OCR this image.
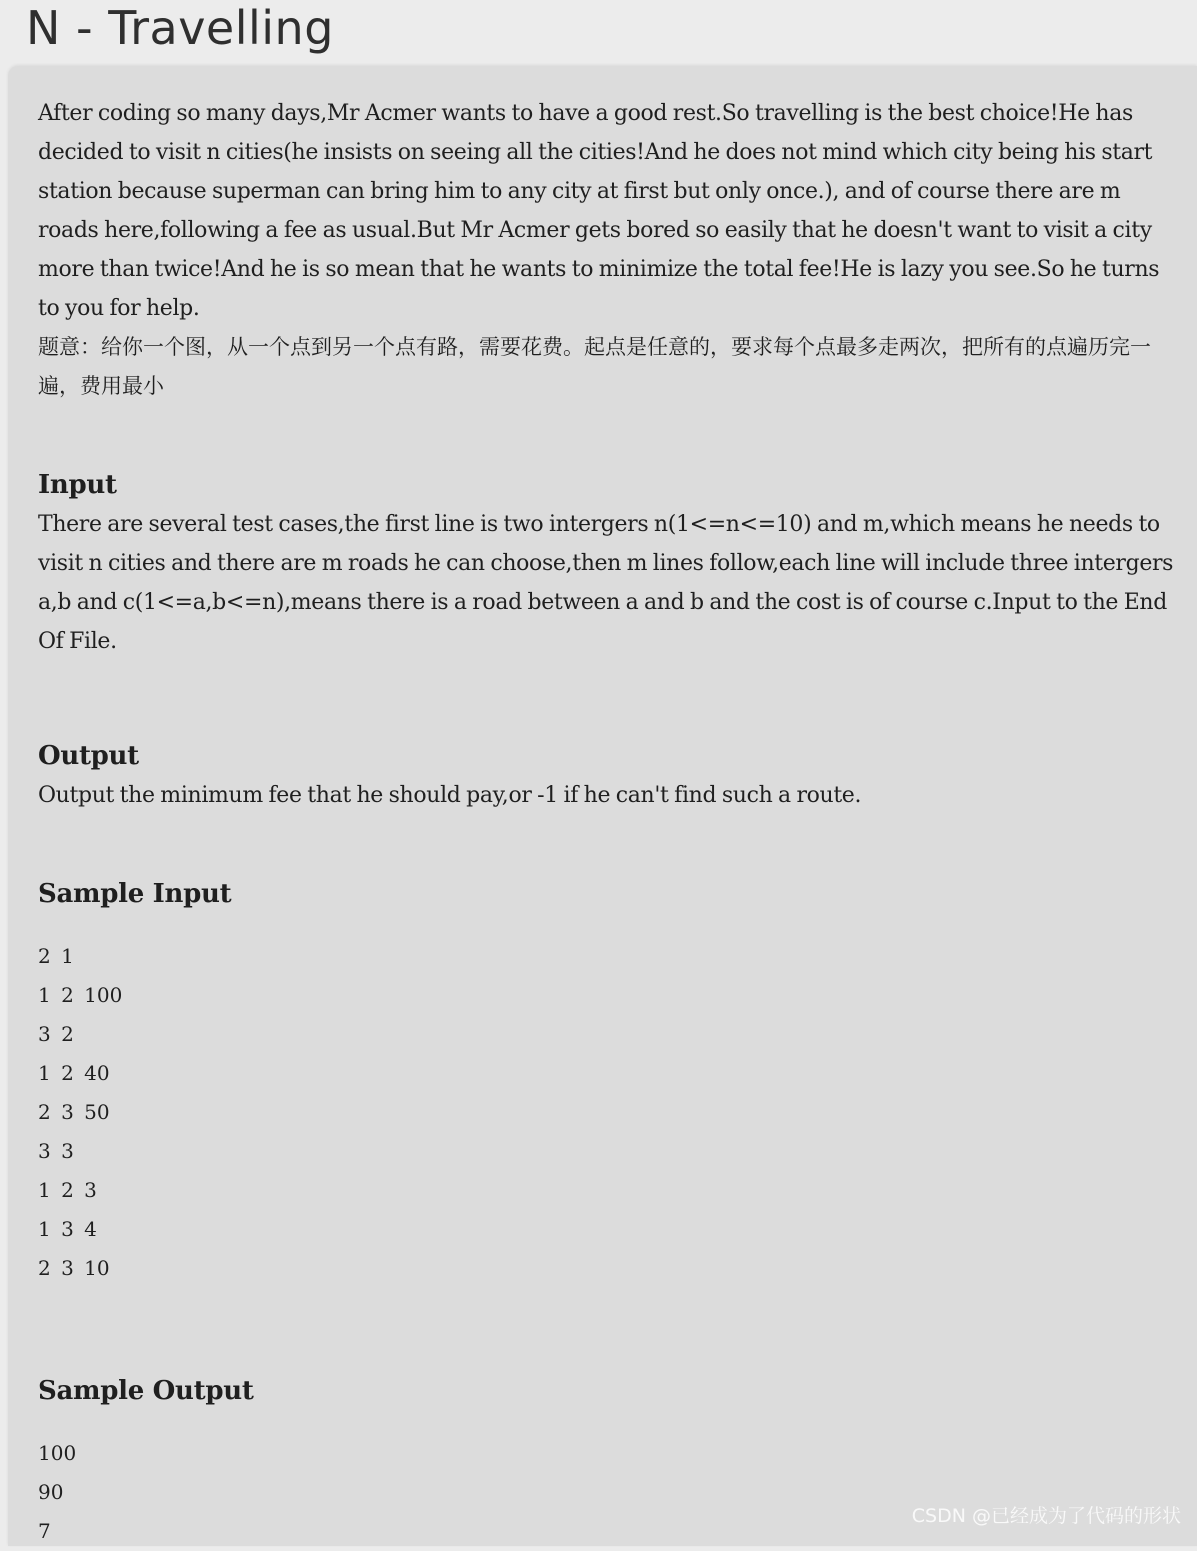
N - Travelling

After coding so many days,Mr Acmer wants to have a good rest.So travelling is the best choice!He has decided to visit n cities(he insists on seeing all the cities!And he does not mind which city being his start station because superman can bring him to any city at first but only once.), and of course there are m roads here,following a fee as usual.But Mr Acmer gets bored so easily that he doesn't want to visit a city more than twice!And he is so mean that he wants to minimize the total fee!He is lazy you see.So he turns to you for help.

题意：给你一个图，从一个点到另一个点有路，需要花费。起点是任意的，要求每个点最多走两次，把所有的点遍历完一遍，费用最小

Input

There are several test cases,the first line is two intergers n(1<=n<=10) and m,which means he needs to visit n cities and there are m roads he can choose,then m lines follow,each line will include three intergers a,b and c(1<=a,b<=n),means there is a road between a and b and the cost is of course c.Input to the End Of File.

Output

Output the minimum fee that he should pay,or -1 if he can't find such a route.

Sample Input
2 1
1 2 100
3 2
1 2 40
2 3 50
3 3
1 2 3
1 3 4
2 3 10
Sample Output
100
90
7
CSDN @已经成为了代码的形状
